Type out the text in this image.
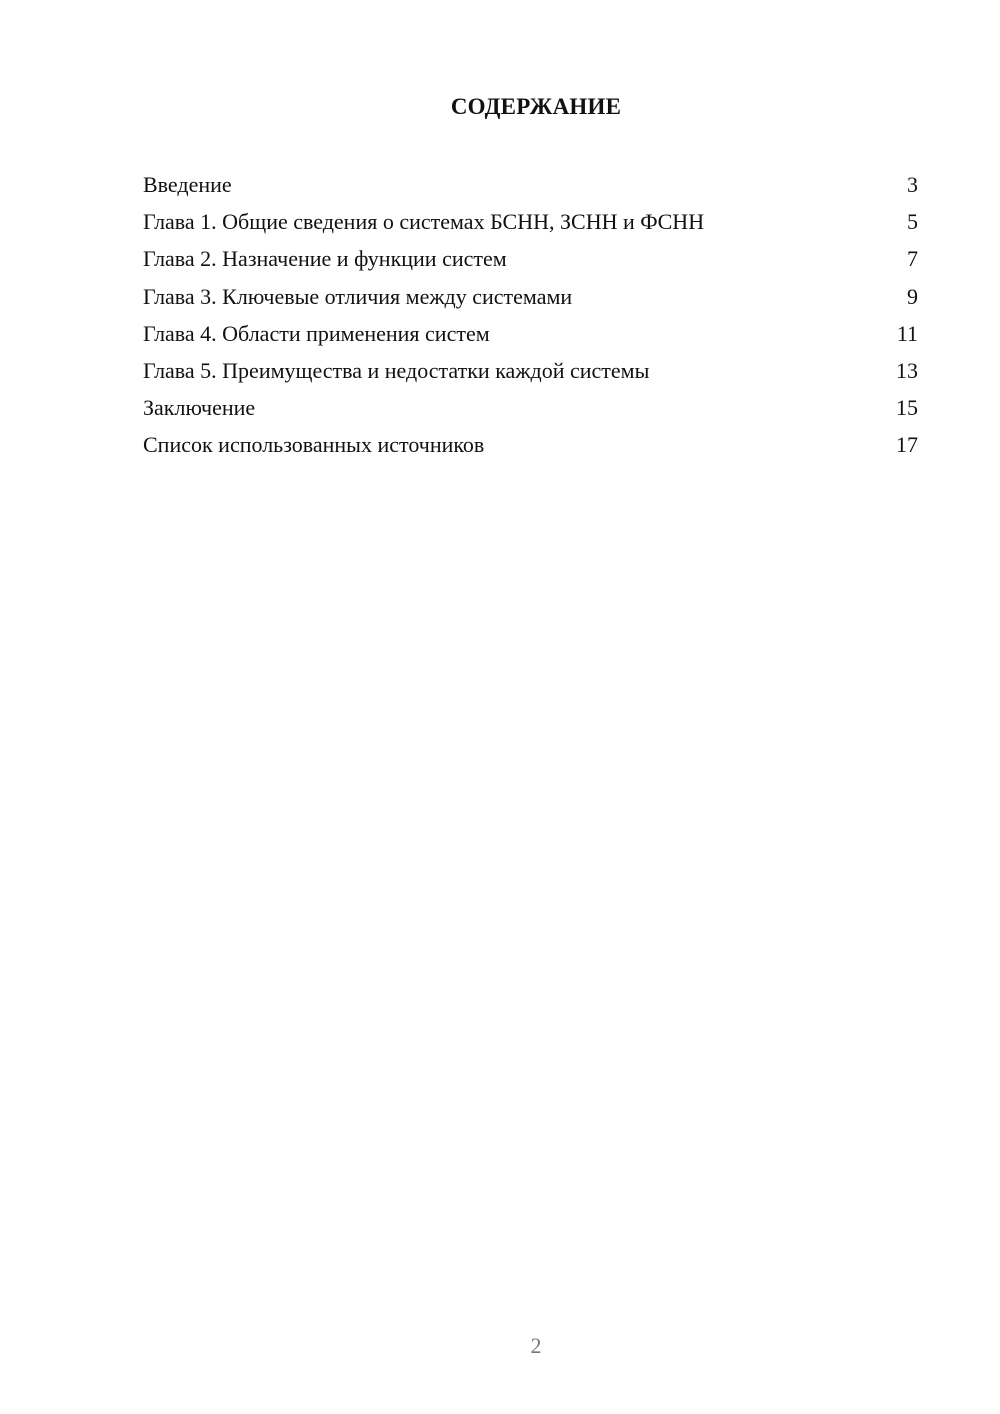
СОДЕРЖАНИЕ
Введение	3
Глава 1. Общие сведения о системах БСНН, ЗСНН и ФСНН	5
Глава 2. Назначение и функции систем	7
Глава 3. Ключевые отличия между системами	9
Глава 4. Области применения систем	11
Глава 5. Преимущества и недостатки каждой системы	13
Заключение	15
Список использованных источников	17
2
